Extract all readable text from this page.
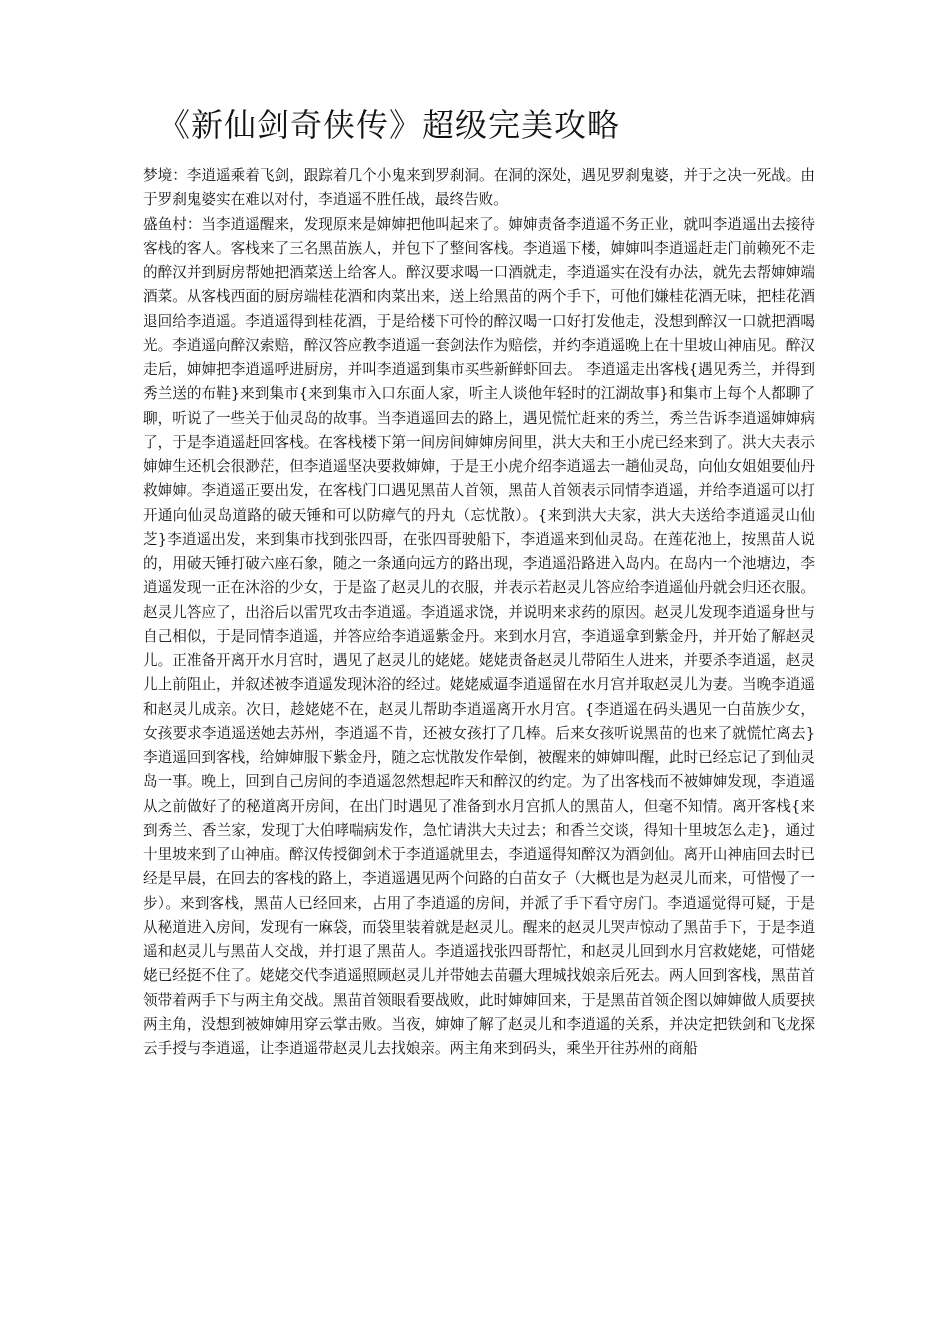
《新仙剑奇侠传》超级完美攻略

梦境：李逍遥乘着飞剑，跟踪着几个小鬼来到罗刹洞。在洞的深处，遇见罗刹鬼婆，并于之决一死战。由于罗刹鬼婆实在难以对付，李逍遥不胜任战，最终告败。

盛鱼村：当李逍遥醒来，发现原来是婶婶把他叫起来了。婶婶责备李逍遥不务正业，就叫李逍遥出去接待客栈的客人。客栈来了三名黑苗族人，并包下了整间客栈。李逍遥下楼，婶婶叫李逍遥赶走门前赖死不走的醉汉并到厨房帮她把酒菜送上给客人。醉汉要求喝一口酒就走，李逍遥实在没有办法，就先去帮婶婶端酒菜。从客栈西面的厨房端桂花酒和肉菜出来，送上给黑苗的两个手下，可他们嫌桂花酒无味，把桂花酒退回给李逍遥。李逍遥得到桂花酒，于是给楼下可怜的醉汉喝一口好打发他走，没想到醉汉一口就把酒喝光。李逍遥向醉汉索赔，醉汉答应教李逍遥一套剑法作为赔偿，并约李逍遥晚上在十里坡山神庙见。醉汉走后，婶婶把李逍遥呼进厨房，并叫李逍遥到集市买些新鲜虾回去。 李逍遥走出客栈{遇见秀兰，并得到秀兰送的布鞋}来到集市{来到集市入口东面人家，听主人谈他年轻时的江湖故事}和集市上每个人都聊了聊，听说了一些关于仙灵岛的故事。当李逍遥回去的路上，遇见慌忙赶来的秀兰，秀兰告诉李逍遥婶婶病了，于是李逍遥赶回客栈。在客栈楼下第一间房间婶婶房间里，洪大夫和王小虎已经来到了。洪大夫表示婶婶生还机会很渺茫，但李逍遥坚决要救婶婶，于是王小虎介绍李逍遥去一趟仙灵岛，向仙女姐姐要仙丹救婶婶。李逍遥正要出发，在客栈门口遇见黑苗人首领，黑苗人首领表示同情李逍遥，并给李逍遥可以打开通向仙灵岛道路的破天锤和可以防瘴气的丹丸（忘忧散）。{来到洪大夫家，洪大夫送给李逍遥灵山仙芝}李逍遥出发，来到集市找到张四哥，在张四哥驶船下，李逍遥来到仙灵岛。在莲花池上，按黑苗人说的，用破天锤打破六座石象，随之一条通向远方的路出现，李逍遥沿路进入岛内。在岛内一个池塘边，李逍遥发现一正在沐浴的少女，于是盗了赵灵儿的衣服，并表示若赵灵儿答应给李逍遥仙丹就会归还衣服。赵灵儿答应了，出浴后以雷咒攻击李逍遥。李逍遥求饶，并说明来求药的原因。赵灵儿发现李逍遥身世与自己相似，于是同情李逍遥，并答应给李逍遥紫金丹。来到水月宫，李逍遥拿到紫金丹，并开始了解赵灵儿。正准备开离开水月宫时，遇见了赵灵儿的姥姥。姥姥责备赵灵儿带陌生人进来，并要杀李逍遥，赵灵儿上前阻止，并叙述被李逍遥发现沐浴的经过。姥姥威逼李逍遥留在水月宫并取赵灵儿为妻。当晚李逍遥和赵灵儿成亲。次日，趁姥姥不在，赵灵儿帮助李逍遥离开水月宫。{李逍遥在码头遇见一白苗族少女，女孩要求李逍遥送她去苏州，李逍遥不肯，还被女孩打了几棒。后来女孩听说黑苗的也来了就慌忙离去}李逍遥回到客栈，给婶婶服下紫金丹，随之忘忧散发作晕倒，被醒来的婶婶叫醒，此时已经忘记了到仙灵岛一事。晚上，回到自己房间的李逍遥忽然想起昨天和醉汉的约定。为了出客栈而不被婶婶发现，李逍遥从之前做好了的秘道离开房间，在出门时遇见了准备到水月宫抓人的黑苗人，但毫不知情。离开客栈{来到秀兰、香兰家，发现丁大伯哮喘病发作，急忙请洪大夫过去；和香兰交谈，得知十里坡怎么走}，通过十里坡来到了山神庙。醉汉传授御剑术于李逍遥就里去，李逍遥得知醉汉为酒剑仙。离开山神庙回去时已经是早晨，在回去的客栈的路上，李逍遥遇见两个问路的白苗女子（大概也是为赵灵儿而来，可惜慢了一步）。来到客栈，黑苗人已经回来，占用了李逍遥的房间，并派了手下看守房门。李逍遥觉得可疑，于是从秘道进入房间，发现有一麻袋，而袋里装着就是赵灵儿。醒来的赵灵儿哭声惊动了黑苗手下，于是李逍遥和赵灵儿与黑苗人交战，并打退了黑苗人。李逍遥找张四哥帮忙，和赵灵儿回到水月宫救姥姥，可惜姥姥已经挺不住了。姥姥交代李逍遥照顾赵灵儿并带她去苗疆大理城找娘亲后死去。两人回到客栈，黑苗首领带着两手下与两主角交战。黑苗首领眼看要战败，此时婶婶回来，于是黑苗首领企图以婶婶做人质要挟两主角，没想到被婶婶用穿云掌击败。当夜，婶婶了解了赵灵儿和李逍遥的关系，并决定把铁剑和飞龙探云手授与李逍遥，让李逍遥带赵灵儿去找娘亲。两主角来到码头，乘坐开往苏州的商船
